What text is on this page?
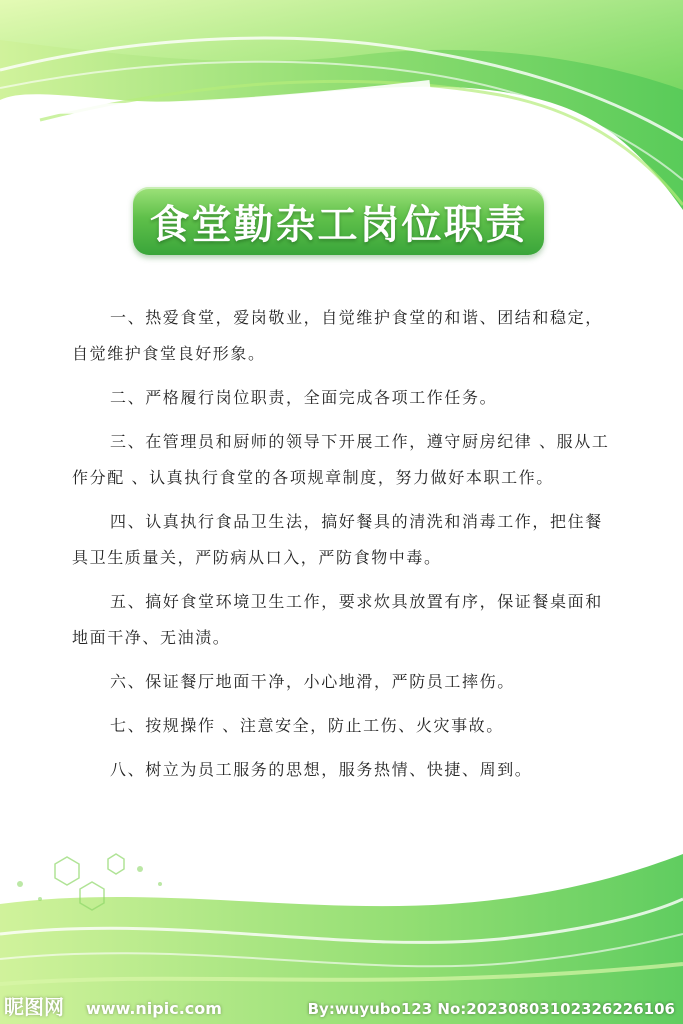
食堂勤杂工岗位职责

一、热爱食堂，爱岗敬业，自觉维护食堂的和谐、团结和稳定，自觉维护食堂良好形象。

二、严格履行岗位职责，全面完成各项工作任务。

三、在管理员和厨师的领导下开展工作，遵守厨房纪律 、服从工作分配 、认真执行食堂的各项规章制度，努力做好本职工作。

四、认真执行食品卫生法，搞好餐具的清洗和消毒工作，把住餐具卫生质量关，严防病从口入，严防食物中毒。

五、搞好食堂环境卫生工作，要求炊具放置有序，保证餐桌面和地面干净、无油渍。

六、保证餐厅地面干净，小心地滑，严防员工摔伤。

七、按规操作 、注意安全，防止工伤、火灾事故。

八、树立为员工服务的思想，服务热情、快捷、周到。

昵图网 www.nipic.com	By:wuyubo123 No:20230803102326226106
